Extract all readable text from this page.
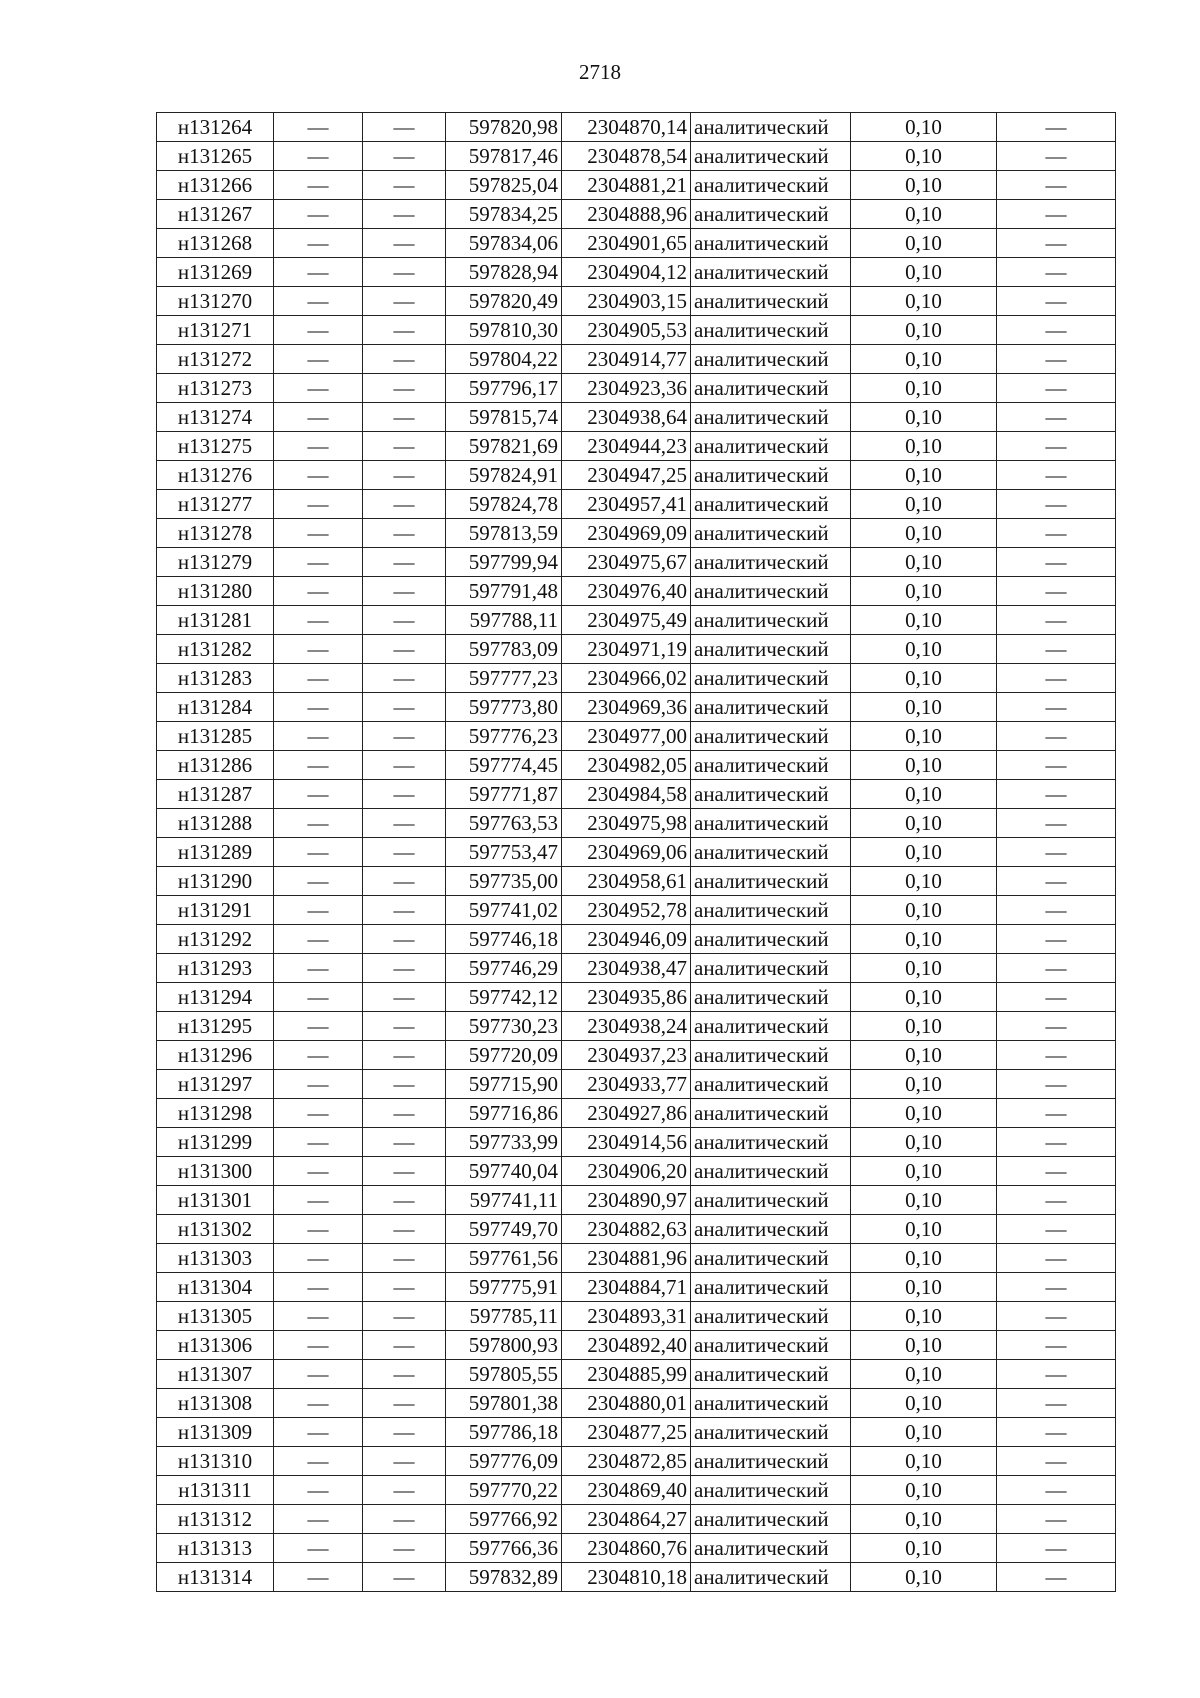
2718
н131264	—	—	597820,98	2304870,14	аналитический	0,10	—
н131265	—	—	597817,46	2304878,54	аналитический	0,10	—
н131266	—	—	597825,04	2304881,21	аналитический	0,10	—
н131267	—	—	597834,25	2304888,96	аналитический	0,10	—
н131268	—	—	597834,06	2304901,65	аналитический	0,10	—
н131269	—	—	597828,94	2304904,12	аналитический	0,10	—
н131270	—	—	597820,49	2304903,15	аналитический	0,10	—
н131271	—	—	597810,30	2304905,53	аналитический	0,10	—
н131272	—	—	597804,22	2304914,77	аналитический	0,10	—
н131273	—	—	597796,17	2304923,36	аналитический	0,10	—
н131274	—	—	597815,74	2304938,64	аналитический	0,10	—
н131275	—	—	597821,69	2304944,23	аналитический	0,10	—
н131276	—	—	597824,91	2304947,25	аналитический	0,10	—
н131277	—	—	597824,78	2304957,41	аналитический	0,10	—
н131278	—	—	597813,59	2304969,09	аналитический	0,10	—
н131279	—	—	597799,94	2304975,67	аналитический	0,10	—
н131280	—	—	597791,48	2304976,40	аналитический	0,10	—
н131281	—	—	597788,11	2304975,49	аналитический	0,10	—
н131282	—	—	597783,09	2304971,19	аналитический	0,10	—
н131283	—	—	597777,23	2304966,02	аналитический	0,10	—
н131284	—	—	597773,80	2304969,36	аналитический	0,10	—
н131285	—	—	597776,23	2304977,00	аналитический	0,10	—
н131286	—	—	597774,45	2304982,05	аналитический	0,10	—
н131287	—	—	597771,87	2304984,58	аналитический	0,10	—
н131288	—	—	597763,53	2304975,98	аналитический	0,10	—
н131289	—	—	597753,47	2304969,06	аналитический	0,10	—
н131290	—	—	597735,00	2304958,61	аналитический	0,10	—
н131291	—	—	597741,02	2304952,78	аналитический	0,10	—
н131292	—	—	597746,18	2304946,09	аналитический	0,10	—
н131293	—	—	597746,29	2304938,47	аналитический	0,10	—
н131294	—	—	597742,12	2304935,86	аналитический	0,10	—
н131295	—	—	597730,23	2304938,24	аналитический	0,10	—
н131296	—	—	597720,09	2304937,23	аналитический	0,10	—
н131297	—	—	597715,90	2304933,77	аналитический	0,10	—
н131298	—	—	597716,86	2304927,86	аналитический	0,10	—
н131299	—	—	597733,99	2304914,56	аналитический	0,10	—
н131300	—	—	597740,04	2304906,20	аналитический	0,10	—
н131301	—	—	597741,11	2304890,97	аналитический	0,10	—
н131302	—	—	597749,70	2304882,63	аналитический	0,10	—
н131303	—	—	597761,56	2304881,96	аналитический	0,10	—
н131304	—	—	597775,91	2304884,71	аналитический	0,10	—
н131305	—	—	597785,11	2304893,31	аналитический	0,10	—
н131306	—	—	597800,93	2304892,40	аналитический	0,10	—
н131307	—	—	597805,55	2304885,99	аналитический	0,10	—
н131308	—	—	597801,38	2304880,01	аналитический	0,10	—
н131309	—	—	597786,18	2304877,25	аналитический	0,10	—
н131310	—	—	597776,09	2304872,85	аналитический	0,10	—
н131311	—	—	597770,22	2304869,40	аналитический	0,10	—
н131312	—	—	597766,92	2304864,27	аналитический	0,10	—
н131313	—	—	597766,36	2304860,76	аналитический	0,10	—
н131314	—	—	597832,89	2304810,18	аналитический	0,10	—
